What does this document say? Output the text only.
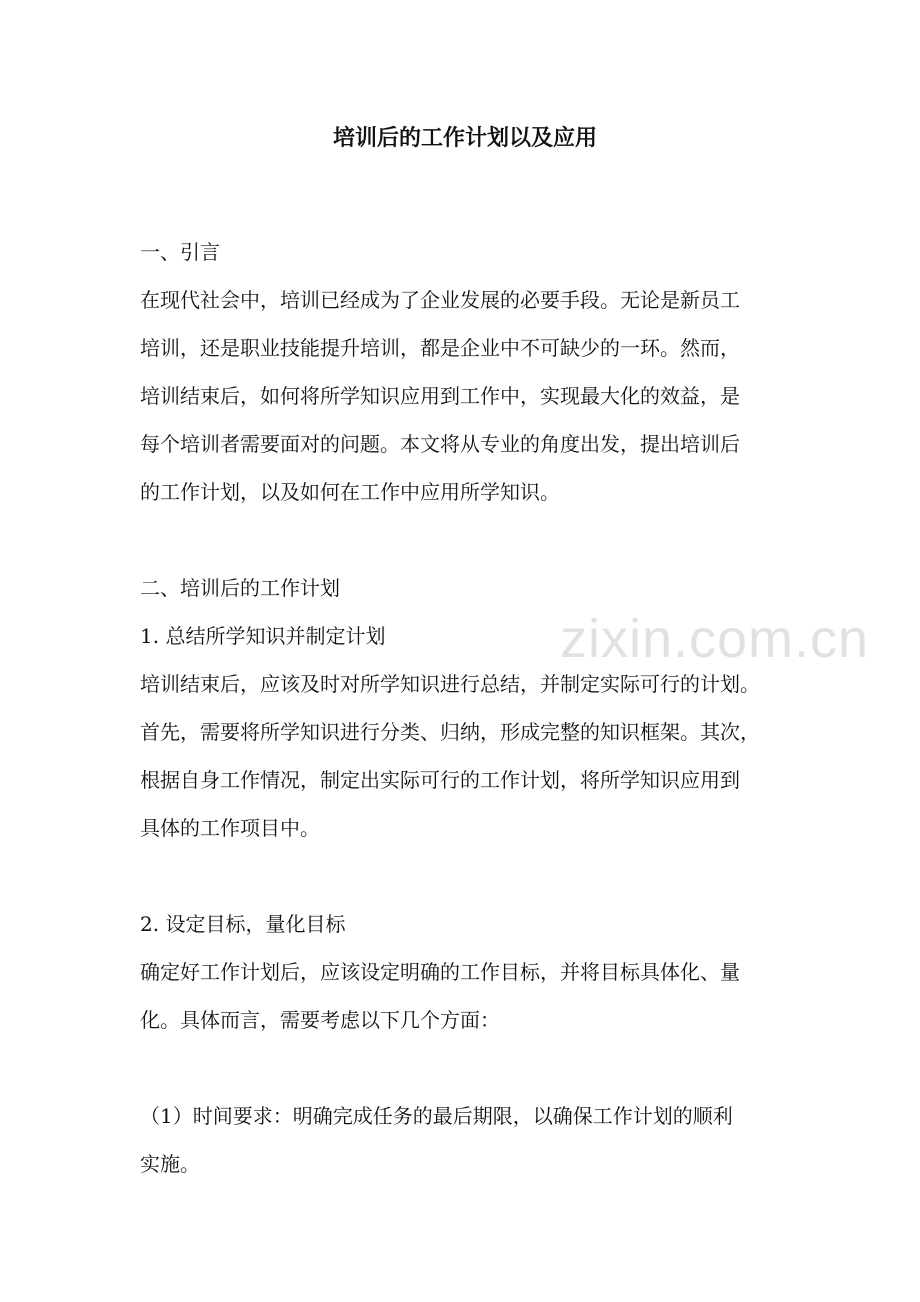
培训后的工作计划以及应用
一、引言
在现代社会中，培训已经成为了企业发展的必要手段。无论是新员工
培训，还是职业技能提升培训，都是企业中不可缺少的一环。然而，
培训结束后，如何将所学知识应用到工作中，实现最大化的效益，是
每个培训者需要面对的问题。本文将从专业的角度出发，提出培训后
的工作计划，以及如何在工作中应用所学知识。
二、培训后的工作计划
1. 总结所学知识并制定计划
培训结束后，应该及时对所学知识进行总结，并制定实际可行的计划。
首先，需要将所学知识进行分类、归纳，形成完整的知识框架。其次，
根据自身工作情况，制定出实际可行的工作计划，将所学知识应用到
具体的工作项目中。
2. 设定目标，量化目标
确定好工作计划后，应该设定明确的工作目标，并将目标具体化、量
化。具体而言，需要考虑以下几个方面：
（1）时间要求：明确完成任务的最后期限，以确保工作计划的顺利
实施。
zixin.com.cn
